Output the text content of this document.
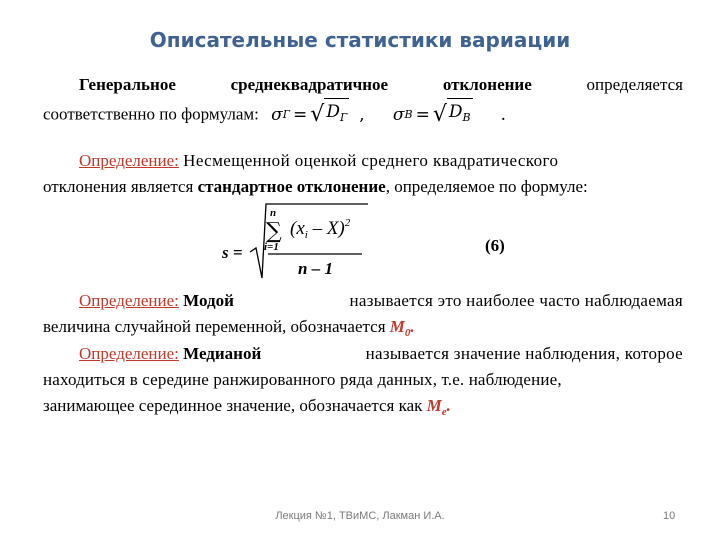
Описательные статистики вариации
Генеральное	среднеквадратичное	отклонение	определяется
соответственно по формулам: σ Г = √ $D_Г$ ,
σ В = √ $D_В$ .
Определение: Несмещенной оценкой среднего квадратического
отклонения является стандартное отклонение, определяемое по формуле:
s =
n
∑
i=1
$(x_i - X)^2$
n – 1
(6)
Определение: Модой	называется это наиболее часто наблюдаемая
величина случайной переменной, обозначается $M_0$.
Определение: Медианой	называется значение наблюдения, которое
находиться в середине ранжированного ряда данных, т.е. наблюдение,
занимающее серединное значение, обозначается как $M_e$.
Лекция №1, ТВиМС, Лакман И.А.	10
